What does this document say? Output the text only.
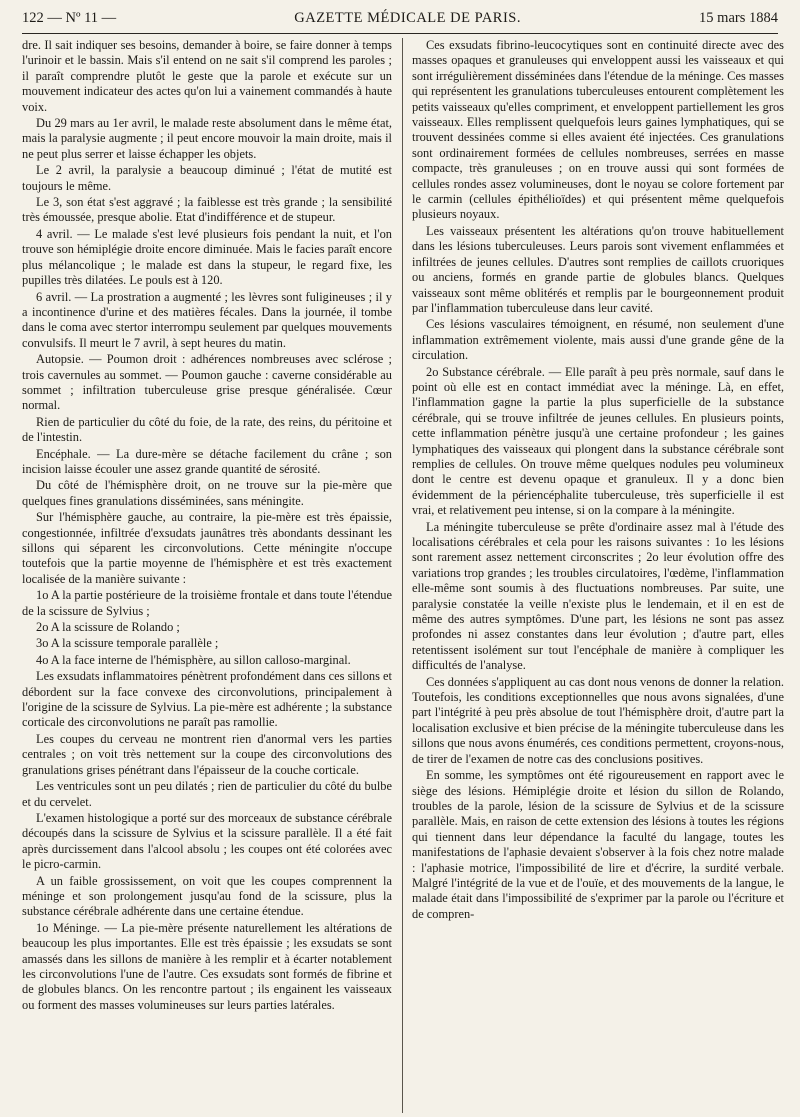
122 — Nº 11 —	GAZETTE MÉDICALE DE PARIS.	15 mars 1884

dre. Il sait indiquer ses besoins, demander à boire, se faire donner à temps l'urinoir et le bassin. Mais s'il entend on ne sait s'il comprend les paroles ; il paraît comprendre plutôt le geste que la parole et exécute sur un mouvement indicateur des actes qu'on lui a vainement commandés à haute voix.

Du 29 mars au 1er avril, le malade reste absolument dans le même état, mais la paralysie augmente ; il peut encore mouvoir la main droite, mais il ne peut plus serrer et laisse échapper les objets.

Le 2 avril, la paralysie a beaucoup diminué ; l'état de mutité est toujours le même.

Le 3, son état s'est aggravé ; la faiblesse est très grande ; la sensibilité très émoussée, presque abolie. Etat d'indifférence et de stupeur.

4 avril. — Le malade s'est levé plusieurs fois pendant la nuit, et l'on trouve son hémiplégie droite encore diminuée. Mais le facies paraît encore plus mélancolique ; le malade est dans la stupeur, le regard fixe, les pupilles très dilatées. Le pouls est à 120.

6 avril. — La prostration a augmenté ; les lèvres sont fuligineuses ; il y a incontinence d'urine et des matières fécales. Dans la journée, il tombe dans le coma avec stertor interrompu seulement par quelques mouvements convulsifs. Il meurt le 7 avril, à sept heures du matin.

Autopsie. — Poumon droit : adhérences nombreuses avec sclérose ; trois cavernules au sommet. — Poumon gauche : caverne considérable au sommet ; infiltration tuberculeuse grise presque généralisée. Cœur normal.

Rien de particulier du côté du foie, de la rate, des reins, du péritoine et de l'intestin.

Encéphale. — La dure-mère se détache facilement du crâne ; son incision laisse écouler une assez grande quantité de sérosité.

Du côté de l'hémisphère droit, on ne trouve sur la pie-mère que quelques fines granulations disséminées, sans méningite.

Sur l'hémisphère gauche, au contraire, la pie-mère est très épaissie, congestionnée, infiltrée d'exsudats jaunâtres très abondants dessinant les sillons qui séparent les circonvolutions. Cette méningite n'occupe toutefois que la partie moyenne de l'hémisphère et est très exactement localisée de la manière suivante :

1o A la partie postérieure de la troisième frontale et dans toute l'étendue de la scissure de Sylvius ;

2o A la scissure de Rolando ;

3o A la scissure temporale parallèle ;

4o A la face interne de l'hémisphère, au sillon calloso-marginal.

Les exsudats inflammatoires pénètrent profondément dans ces sillons et débordent sur la face convexe des circonvolutions, principalement à l'origine de la scissure de Sylvius. La pie-mère est adhérente ; la substance corticale des circonvolutions ne paraît pas ramollie.

Les coupes du cerveau ne montrent rien d'anormal vers les parties centrales ; on voit très nettement sur la coupe des circonvolutions des granulations grises pénétrant dans l'épaisseur de la couche corticale.

Les ventricules sont un peu dilatés ; rien de particulier du côté du bulbe et du cervelet.

L'examen histologique a porté sur des morceaux de substance cérébrale découpés dans la scissure de Sylvius et la scissure parallèle. Il a été fait après durcissement dans l'alcool absolu ; les coupes ont été colorées avec le picro-carmin.

A un faible grossissement, on voit que les coupes comprennent la méninge et son prolongement jusqu'au fond de la scissure, plus la substance cérébrale adhérente dans une certaine étendue.

1o Méninge. — La pie-mère présente naturellement les altérations de beaucoup les plus importantes. Elle est très épaissie ; les exsudats se sont amassés dans les sillons de manière à les remplir et à écarter notablement les circonvolutions l'une de l'autre. Ces exsudats sont formés de fibrine et de globules blancs. On les rencontre partout ; ils engainent les vaisseaux ou forment des masses volumineuses sur leurs parties latérales.

Ces exsudats fibrino-leucocytiques sont en continuité directe avec des masses opaques et granuleuses qui enveloppent aussi les vaisseaux et qui sont irrégulièrement disséminées dans l'étendue de la méninge. Ces masses qui représentent les granulations tuberculeuses entourent complètement les petits vaisseaux qu'elles compriment, et enveloppent partiellement les gros vaisseaux. Elles remplissent quelquefois leurs gaines lymphatiques, qui se trouvent dessinées comme si elles avaient été injectées. Ces granulations sont ordinairement formées de cellules nombreuses, serrées en masse compacte, très granuleuses ; on en trouve aussi qui sont formées de cellules rondes assez volumineuses, dont le noyau se colore fortement par le carmin (cellules épithélioïdes) et qui présentent même quelquefois plusieurs noyaux.

Les vaisseaux présentent les altérations qu'on trouve habituellement dans les lésions tuberculeuses. Leurs parois sont vivement enflammées et infiltrées de jeunes cellules. D'autres sont remplies de caillots cruoriques ou anciens, formés en grande partie de globules blancs. Quelques vaisseaux sont même oblitérés et remplis par le bourgeonnement produit par l'inflammation tuberculeuse dans leur cavité.

Ces lésions vasculaires témoignent, en résumé, non seulement d'une inflammation extrêmement violente, mais aussi d'une grande gêne de la circulation.

2o Substance cérébrale. — Elle paraît à peu près normale, sauf dans le point où elle est en contact immédiat avec la méninge. Là, en effet, l'inflammation gagne la partie la plus superficielle de la substance cérébrale, qui se trouve infiltrée de jeunes cellules. En plusieurs points, cette inflammation pénètre jusqu'à une certaine profondeur ; les gaines lymphatiques des vaisseaux qui plongent dans la substance cérébrale sont remplies de cellules. On trouve même quelques nodules peu volumineux dont le centre est devenu opaque et granuleux. Il y a donc bien évidemment de la périencéphalite tuberculeuse, très superficielle il est vrai, et relativement peu intense, si on la compare à la méningite.

La méningite tuberculeuse se prête d'ordinaire assez mal à l'étude des localisations cérébrales et cela pour les raisons suivantes : 1o les lésions sont rarement assez nettement circonscrites ; 2o leur évolution offre des variations trop grandes ; les troubles circulatoires, l'œdème, l'inflammation elle-même sont soumis à des fluctuations nombreuses. Par suite, une paralysie constatée la veille n'existe plus le lendemain, et il en est de même des autres symptômes. D'une part, les lésions ne sont pas assez profondes ni assez constantes dans leur évolution ; d'autre part, elles retentissent isolément sur tout l'encéphale de manière à compliquer les difficultés de l'analyse.

Ces données s'appliquent au cas dont nous venons de donner la relation. Toutefois, les conditions exceptionnelles que nous avons signalées, d'une part l'intégrité à peu près absolue de tout l'hémisphère droit, d'autre part la localisation exclusive et bien précise de la méningite tuberculeuse dans les sillons que nous avons énumérés, ces conditions permettent, croyons-nous, de tirer de l'examen de notre cas des conclusions positives.

En somme, les symptômes ont été rigoureusement en rapport avec le siège des lésions. Hémiplégie droite et lésion du sillon de Rolando, troubles de la parole, lésion de la scissure de Sylvius et de la scissure parallèle. Mais, en raison de cette extension des lésions à toutes les régions qui tiennent dans leur dépendance la faculté du langage, toutes les manifestations de l'aphasie devaient s'observer à la fois chez notre malade : l'aphasie motrice, l'impossibilité de lire et d'écrire, la surdité verbale. Malgré l'intégrité de la vue et de l'ouïe, et des mouvements de la langue, le malade était dans l'impossibilité de s'exprimer par la parole ou l'écriture et de compren-
